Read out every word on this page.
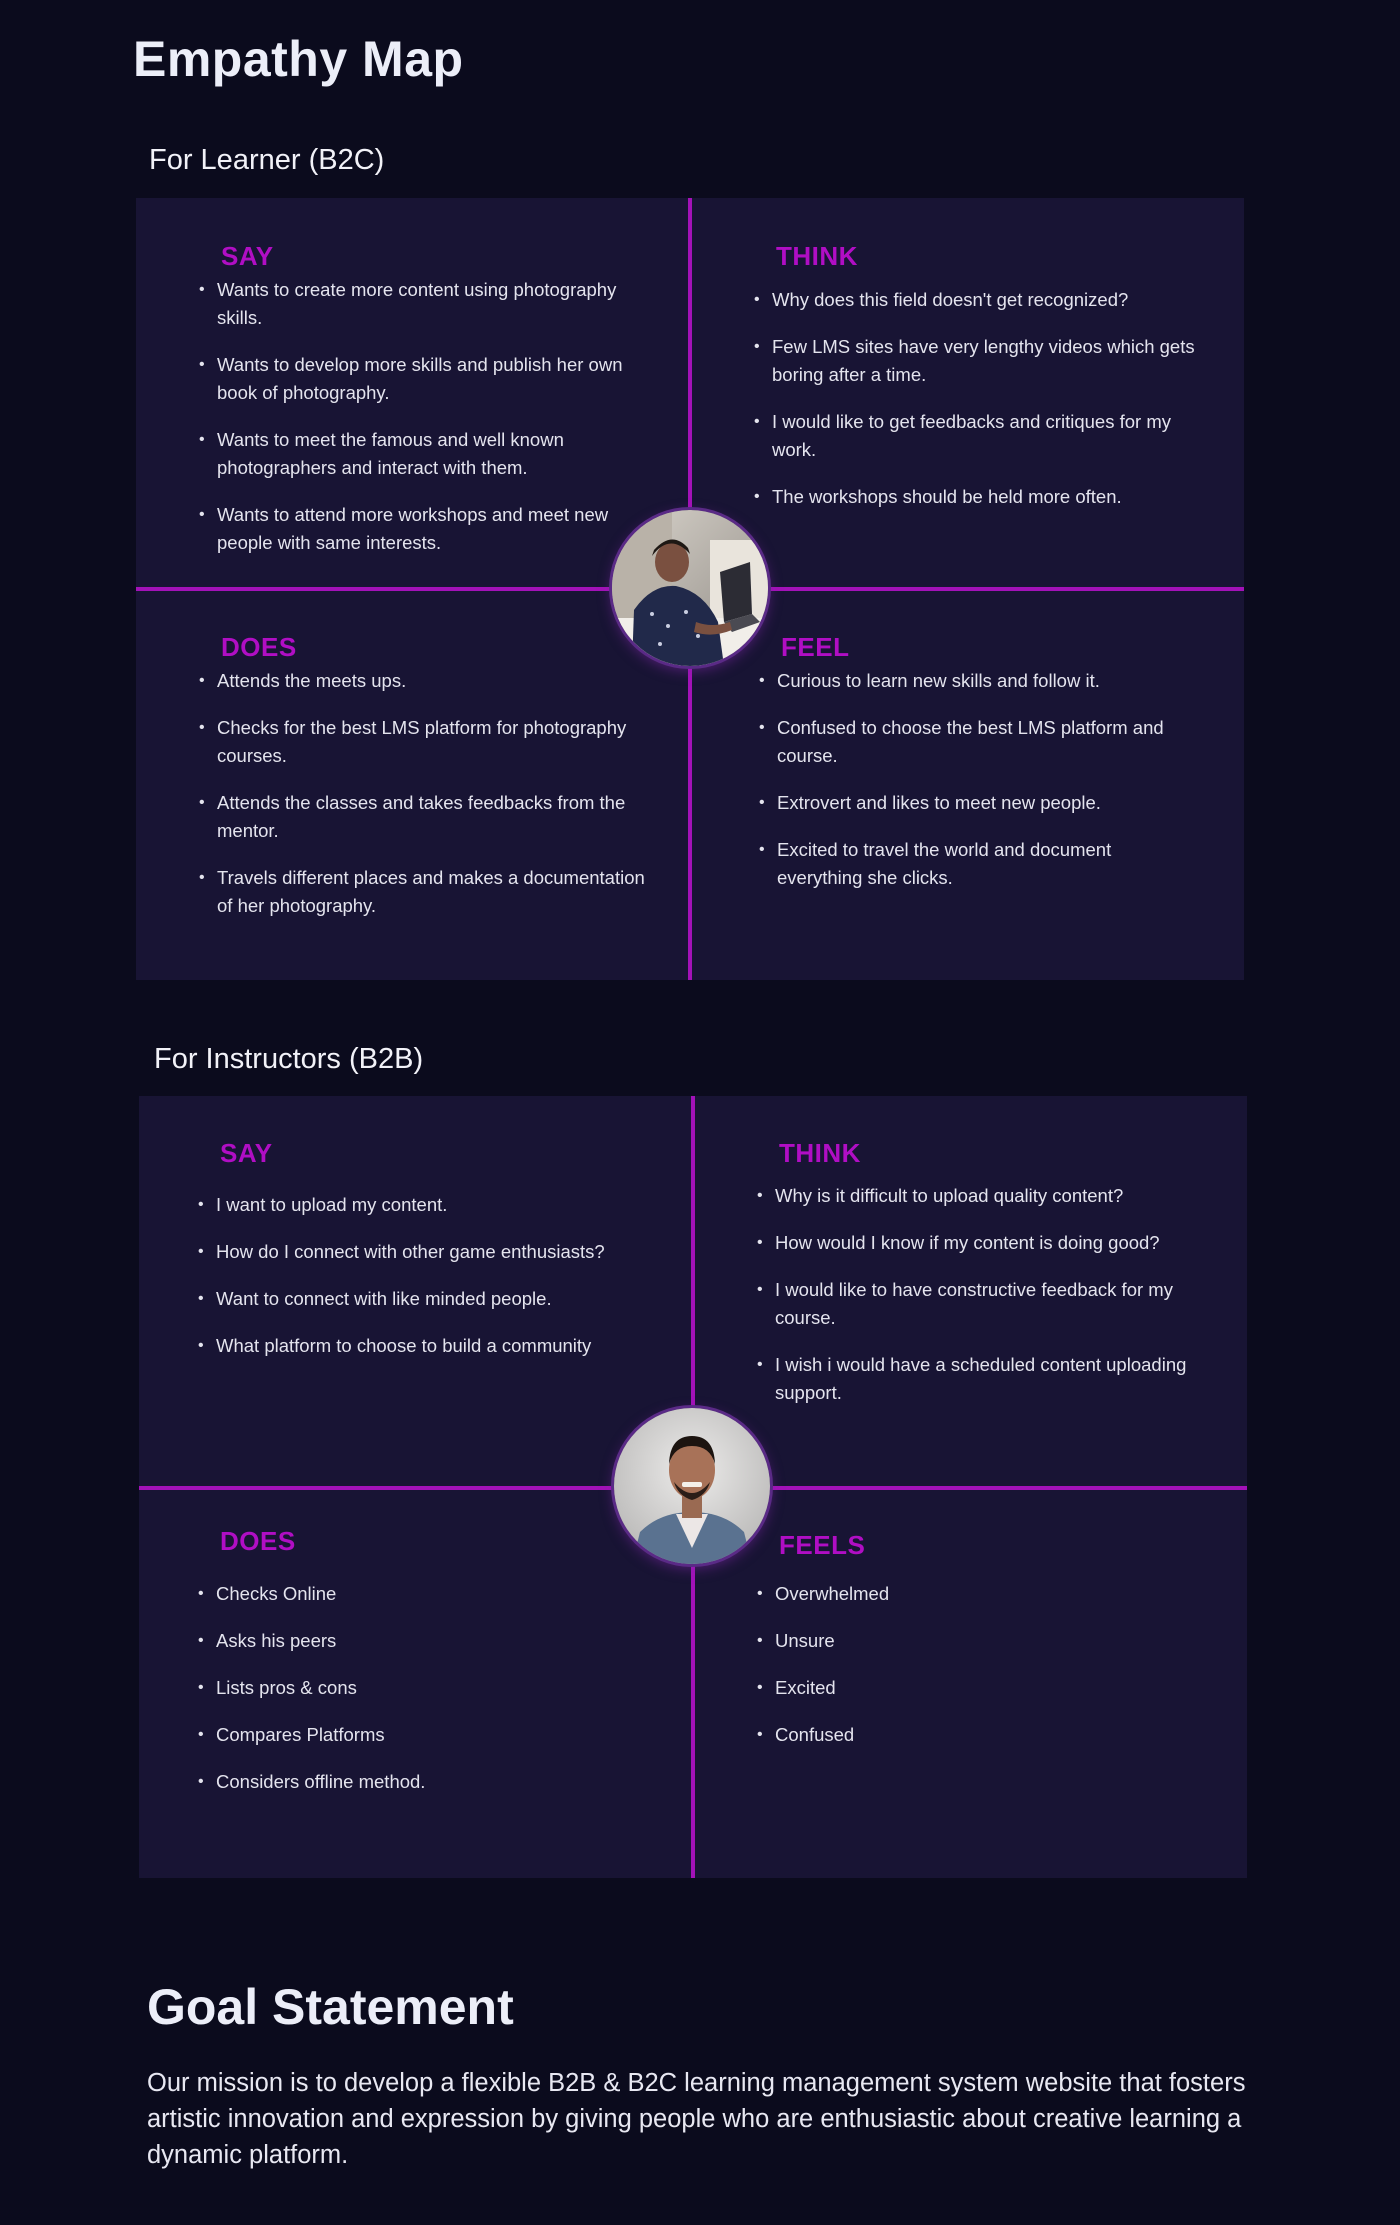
Empathy Map
For Learner (B2C)
SAY
• Wants to create more content using photography skills.
• Wants to develop more skills and publish her own book of photography.
• Wants to meet the famous and well known photographers and interact with them.
• Wants to attend more workshops and meet new people with same interests.
THINK
• Why does this field doesn't get recognized?
• Few LMS sites have very lengthy videos which gets boring after a time.
• I would like to get feedbacks and critiques for my work.
• The workshops should be held more often.
DOES
• Attends the meets ups.
• Checks for the best LMS platform for photography courses.
• Attends the classes and takes feedbacks from the mentor.
• Travels different places and makes a documentation of her photography.
FEEL
• Curious to learn new skills and follow it.
• Confused to choose the best LMS platform and course.
• Extrovert and likes to meet new people.
• Excited to travel the world and document everything she clicks.
For Instructors (B2B)
SAY
• I want to upload my content.
• How do I connect with other game enthusiasts?
• Want to connect with like minded people.
• What platform to choose to build a community
THINK
• Why is it difficult to upload quality content?
• How would I know if my content is doing good?
• I would like to have constructive feedback for my course.
• I wish i would have a scheduled content uploading support.
DOES
• Checks Online
• Asks his peers
• Lists pros & cons
• Compares Platforms
• Considers offline method.
FEELS
• Overwhelmed
• Unsure
• Excited
• Confused
Goal Statement
Our mission is to develop a flexible B2B & B2C learning management system website that fosters artistic innovation and expression by giving people who are enthusiastic about creative learning a dynamic platform.
